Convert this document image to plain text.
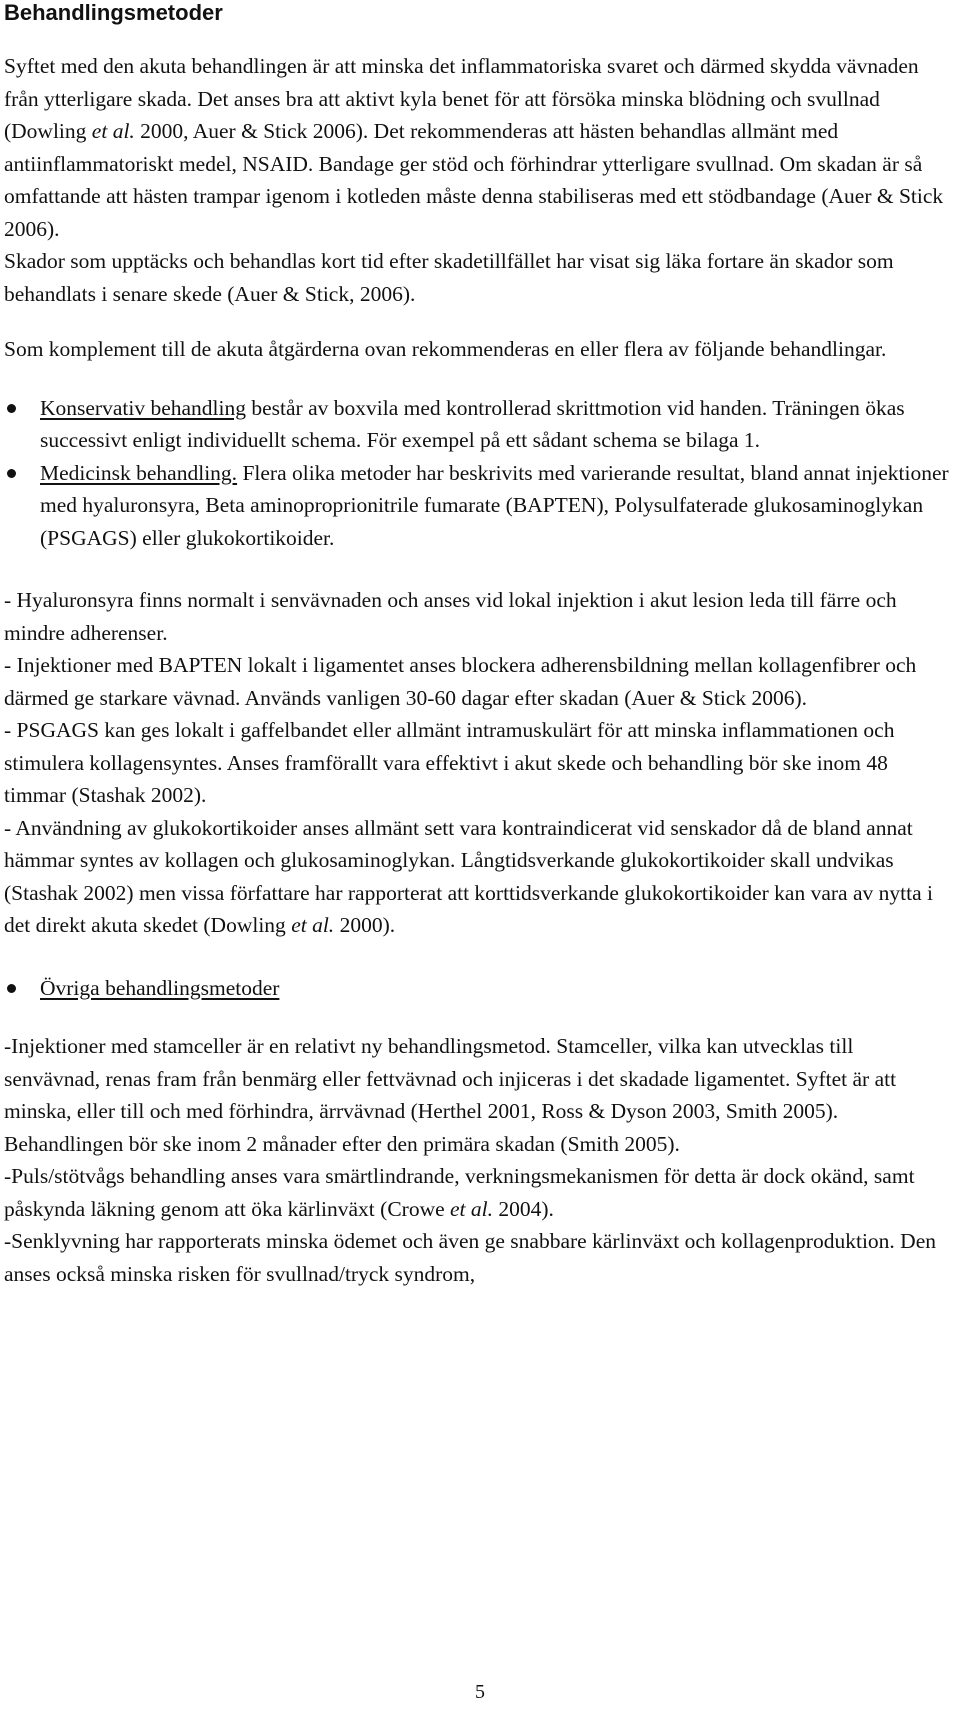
Behandlingsmetoder

Syftet med den akuta behandlingen är att minska det inflammatoriska svaret och därmed skydda vävnaden från ytterligare skada. Det anses bra att aktivt kyla benet för att försöka minska blödning och svullnad (Dowling et al. 2000, Auer & Stick 2006). Det rekommenderas att hästen behandlas allmänt med antiinflammatoriskt medel, NSAID. Bandage ger stöd och förhindrar ytterligare svullnad. Om skadan är så omfattande att hästen trampar igenom i kotleden måste denna stabiliseras med ett stödbandage (Auer & Stick 2006).

Skador som upptäcks och behandlas kort tid efter skadetillfället har visat sig läka fortare än skador som behandlats i senare skede (Auer & Stick, 2006).

Som komplement till de akuta åtgärderna ovan rekommenderas en eller flera av följande behandlingar.

Konservativ behandling består av boxvila med kontrollerad skrittmotion vid handen. Träningen ökas successivt enligt individuellt schema. För exempel på ett sådant schema se bilaga 1.
Medicinsk behandling. Flera olika metoder har beskrivits med varierande resultat, bland annat injektioner med hyaluronsyra, Beta aminoproprionitrile fumarate (BAPTEN), Polysulfaterade glukosaminoglykan (PSGAGS) eller glukokortikoider.

- Hyaluronsyra finns normalt i senvävnaden och anses vid lokal injektion i akut lesion leda till färre och mindre adherenser.

- Injektioner med BAPTEN lokalt i ligamentet anses blockera adherensbildning mellan kollagenfibrer och därmed ge starkare vävnad. Används vanligen 30-60 dagar efter skadan (Auer & Stick 2006).

- PSGAGS kan ges lokalt i gaffelbandet eller allmänt intramuskulärt för att minska inflammationen och stimulera kollagensyntes. Anses framförallt vara effektivt i akut skede och behandling bör ske inom 48 timmar (Stashak 2002).

- Användning av glukokortikoider anses allmänt sett vara kontraindicerat vid senskador då de bland annat hämmar syntes av kollagen och glukosaminoglykan. Långtidsverkande glukokortikoider skall undvikas (Stashak 2002) men vissa författare har rapporterat att korttidsverkande glukokortikoider kan vara av nytta i det direkt akuta skedet (Dowling et al. 2000).

Övriga behandlingsmetoder

-Injektioner med stamceller är en relativt ny behandlingsmetod. Stamceller, vilka kan utvecklas till senvävnad, renas fram från benmärg eller fettvävnad och injiceras i det skadade ligamentet. Syftet är att minska, eller till och med förhindra, ärrvävnad (Herthel 2001, Ross & Dyson 2003, Smith 2005). Behandlingen bör ske inom 2 månader efter den primära skadan (Smith 2005).

-Puls/stötvågs behandling anses vara smärtlindrande, verkningsmekanismen för detta är dock okänd, samt påskynda läkning genom att öka kärlinväxt (Crowe et al. 2004).

-Senklyvning har rapporterats minska ödemet och även ge snabbare kärlinväxt och kollagenproduktion. Den anses också minska risken för svullnad/tryck syndrom,

5
